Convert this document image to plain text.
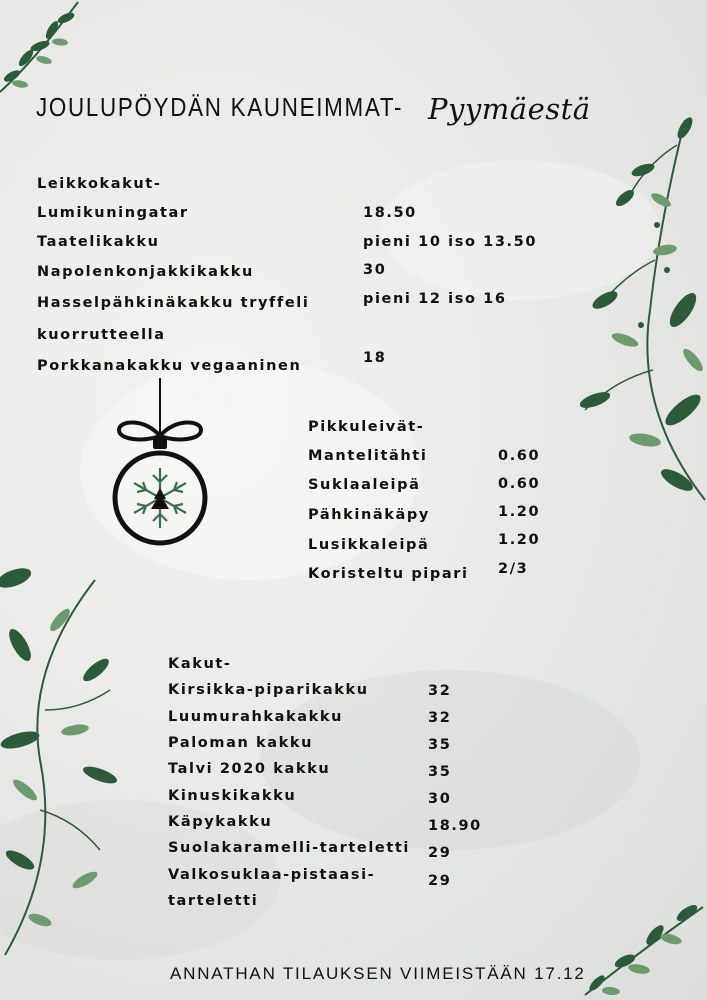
JOULUPÖYDÄN KAUNEIMMAT- Pyymäestä
Leikkokakut-
Lumikuningatar	18.50
Taatelikakku	pieni 10 iso 13.50
Napolenkonjakkikakku	30
Hasselpähkinäkakku tryffeli	pieni 12 iso 16
kuorrutteella
Porkkanakakku vegaaninen	18
Pikkuleivät-
Mantelitähti	0.60
Suklaaleipä	0.60
Pähkinäkäpy	1.20
Lusikkaleipä	1.20
Koristeltu pipari 2/3
Kakut-
Kirsikka-piparikakku	32
Luumurahkakakku	32
Paloman kakku	35
Talvi 2020 kakku	35
Kinuskikakku	30
Käpykakku	18.90
Suolakaramelli-tarteletti 29
Valkosuklaa-pistaasi-	29
tarteletti
ANNATHAN TILAUKSEN VIIMEISTÄÄN 17.12
